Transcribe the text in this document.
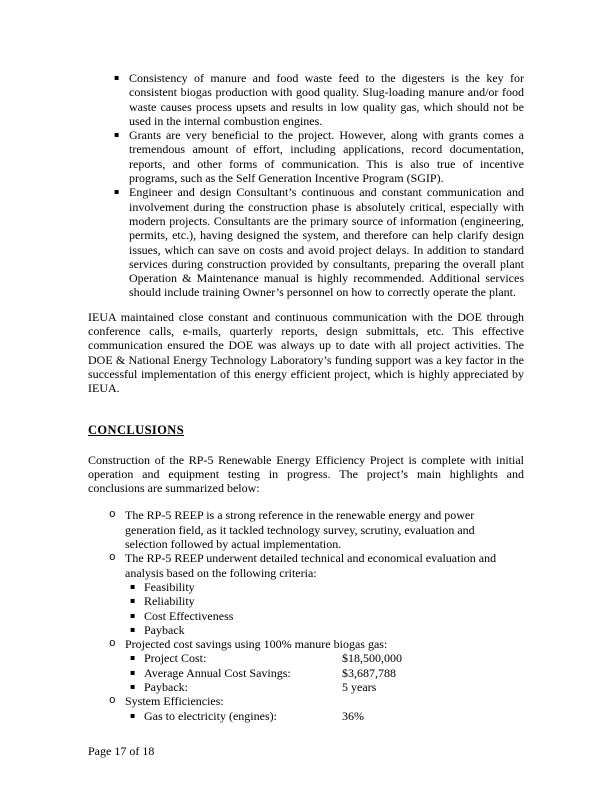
▪ Consistency of manure and food waste feed to the digesters is the key for consistent biogas production with good quality. Slug-loading manure and/or food waste causes process upsets and results in low quality gas, which should not be used in the internal combustion engines.
▪ Grants are very beneficial to the project. However, along with grants comes a tremendous amount of effort, including applications, record documentation, reports, and other forms of communication. This is also true of incentive programs, such as the Self Generation Incentive Program (SGIP).
▪ Engineer and design Consultant’s continuous and constant communication and involvement during the construction phase is absolutely critical, especially with modern projects. Consultants are the primary source of information (engineering, permits, etc.), having designed the system, and therefore can help clarify design issues, which can save on costs and avoid project delays. In addition to standard services during construction provided by consultants, preparing the overall plant Operation & Maintenance manual is highly recommended. Additional services should include training Owner’s personnel on how to correctly operate the plant.

IEUA maintained close constant and continuous communication with the DOE through conference calls, e-mails, quarterly reports, design submittals, etc. This effective communication ensured the DOE was always up to date with all project activities. The DOE & National Energy Technology Laboratory’s funding support was a key factor in the successful implementation of this energy efficient project, which is highly appreciated by IEUA.

CONCLUSIONS

Construction of the RP-5 Renewable Energy Efficiency Project is complete with initial operation and equipment testing in progress. The project’s main highlights and conclusions are summarized below:

o The RP-5 REEP is a strong reference in the renewable energy and power generation field, as it tackled technology survey, scrutiny, evaluation and selection followed by actual implementation.
o The RP-5 REEP underwent detailed technical and economical evaluation and analysis based on the following criteria:
▪ Feasibility
▪ Reliability
▪ Cost Effectiveness
▪ Payback
o Projected cost savings using 100% manure biogas gas:
▪ Project Cost:	$18,500,000
▪ Average Annual Cost Savings:	$3,687,788
▪ Payback:	5 years
o System Efficiencies:
▪ Gas to electricity (engines):	36%
Page 17 of 18
